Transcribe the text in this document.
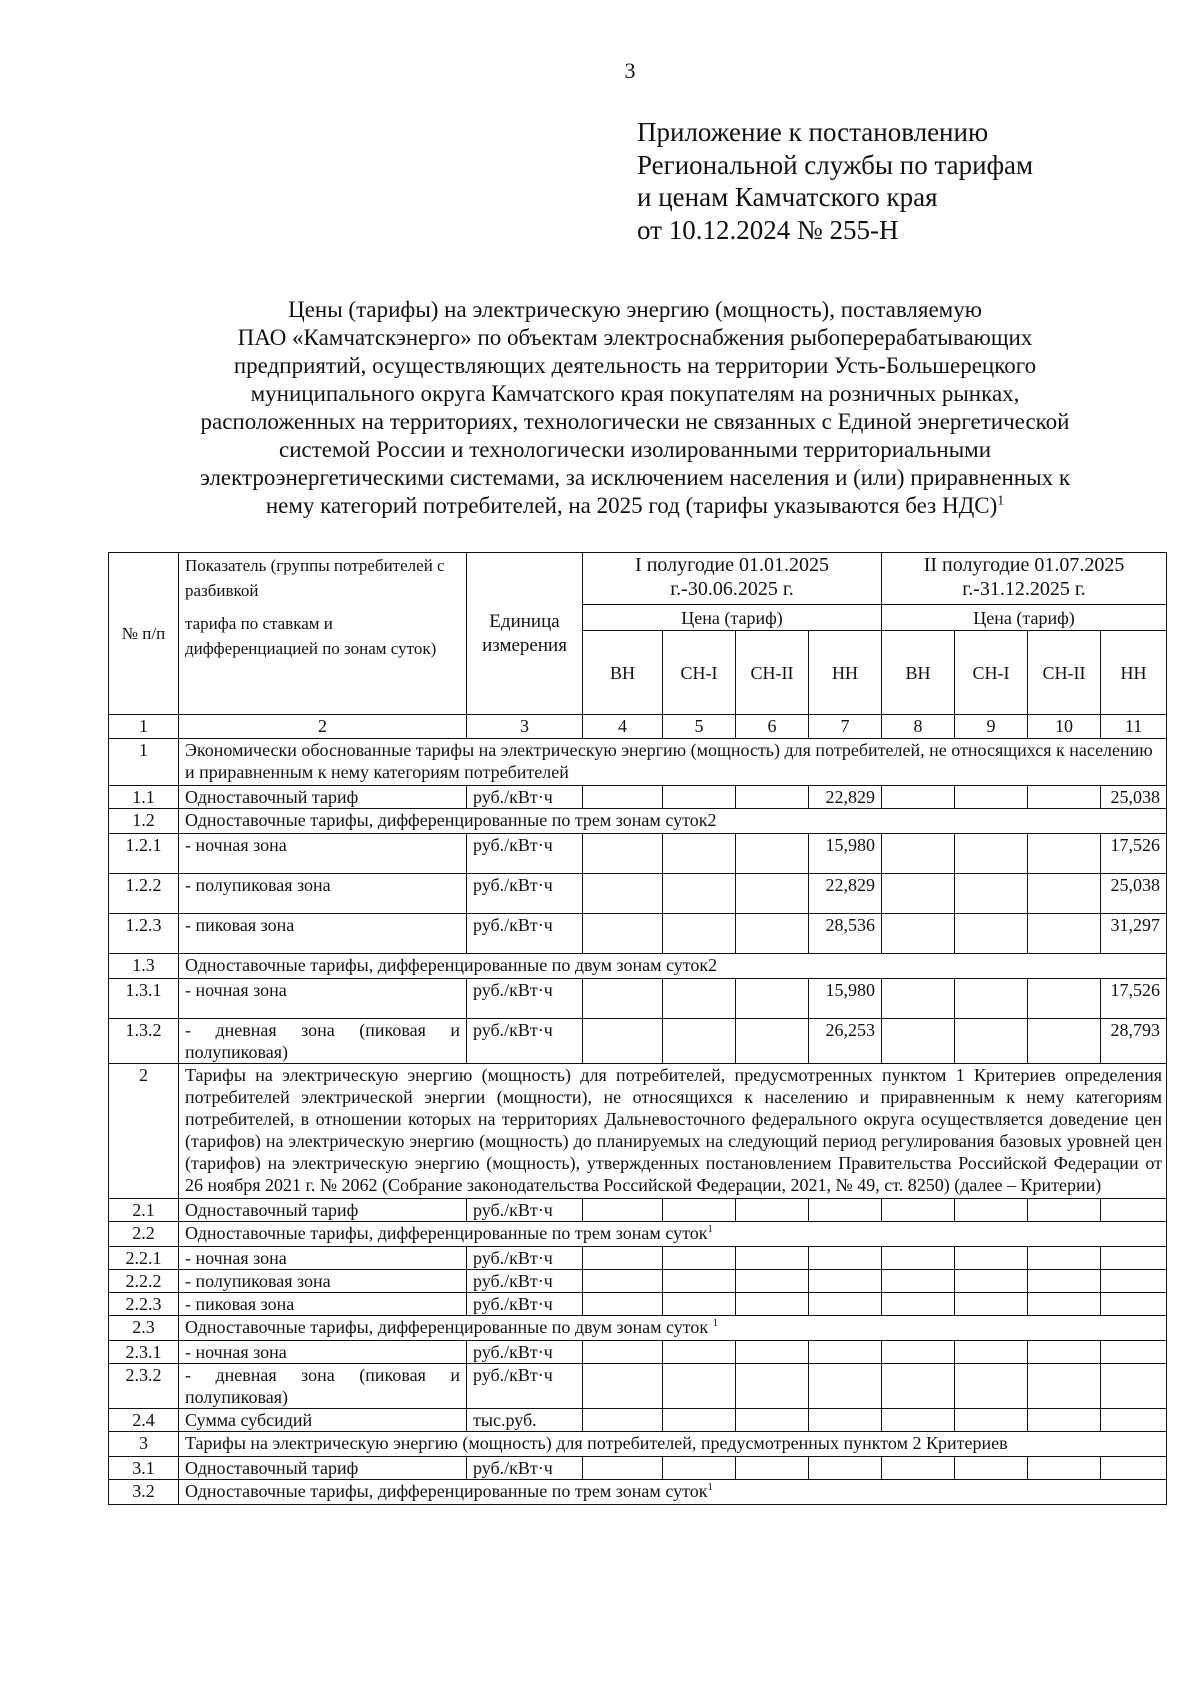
3
Приложение к постановлению
Региональной службы по тарифам
и ценам Камчатского края
от 10.12.2024 № 255-Н
Цены (тарифы) на электрическую энергию (мощность), поставляемую
ПАО «Камчатскэнерго» по объектам электроснабжения рыбоперерабатывающих
предприятий, осуществляющих деятельность на территории Усть-Большерецкого
муниципального округа Камчатского края покупателям на розничных рынках,
расположенных на территориях, технологически не связанных с Единой энергетической
системой России и технологически изолированными территориальными
электроэнергетическими системами, за исключением населения и (или) приравненных к
нему категорий потребителей, на 2025 год (тарифы указываются без НДС)$^1$
№ п/п	Показатель (группы потребителей с разбивкой	Единица измерения	I полугодие 01.01.2025 г.-30.06.2025 г.				II полугодие 01.07.2025 г.-31.12.2025 г.			
	тарифа по ставкам и дифференциацией по зонам суток)		Цена (тариф)				Цена (тариф)			
			ВН	СН-I	СН-II	НН	ВН	СН-I	СН-II	НН
1	2	3	4	5	6	7	8	9	10	11
1	Экономически обоснованные тарифы на электрическую энергию (мощность) для потребителей, не относящихся к населению и приравненным к нему категориям потребителей									
1.1	Одноставочный тариф	руб./кВт·ч				22,829				25,038
1.2	Одноставочные тарифы, дифференцированные по трем зонам суток2									
1.2.1	- ночная зона	руб./кВт·ч				15,980				17,526
1.2.2	- полупиковая зона	руб./кВт·ч				22,829				25,038
1.2.3	- пиковая зона	руб./кВт·ч				28,536				31,297
1.3	Одноставочные тарифы, дифференцированные по двум зонам суток2									
1.3.1	- ночная зона	руб./кВт·ч				15,980				17,526
1.3.2	- дневная зона (пиковая и полупиковая)	руб./кВт·ч				26,253				28,793
2	Тарифы на электрическую энергию (мощность) для потребителей, предусмотренных пунктом 1 Критериев определения потребителей электрической энергии (мощности), не относящихся к населению и приравненным к нему категориям потребителей, в отношении которых на территориях Дальневосточного федерального округа осуществляется доведение цен (тарифов) на электрическую энергию (мощность) до планируемых на следующий период регулирования базовых уровней цен (тарифов) на электрическую энергию (мощность), утвержденных постановлением Правительства Российской Федерации от 26 ноября 2021 г. № 2062 (Собрание законодательства Российской Федерации, 2021, № 49, ст. 8250) (далее – Критерии)									
2.1	Одноставочный тариф	руб./кВт·ч								
2.2	Одноставочные тарифы, дифференцированные по трем зонам суток$^1$
2.2.1	- ночная зона	руб./кВт·ч								
2.2.2	- полупиковая зона	руб./кВт·ч								
2.2.3	- пиковая зона	руб./кВт·ч								
2.3	Одноставочные тарифы, дифференцированные по двум зонам суток $^1$
2.3.1	- ночная зона	руб./кВт·ч								
2.3.2	- дневная зона (пиковая и полупиковая)	руб./кВт·ч								
2.4	Сумма субсидий	тыс.руб.								
3	Тарифы на электрическую энергию (мощность) для потребителей, предусмотренных пунктом 2 Критериев									
3.1	Одноставочный тариф	руб./кВт·ч								
3.2	Одноставочные тарифы, дифференцированные по трем зонам суток$^1$
